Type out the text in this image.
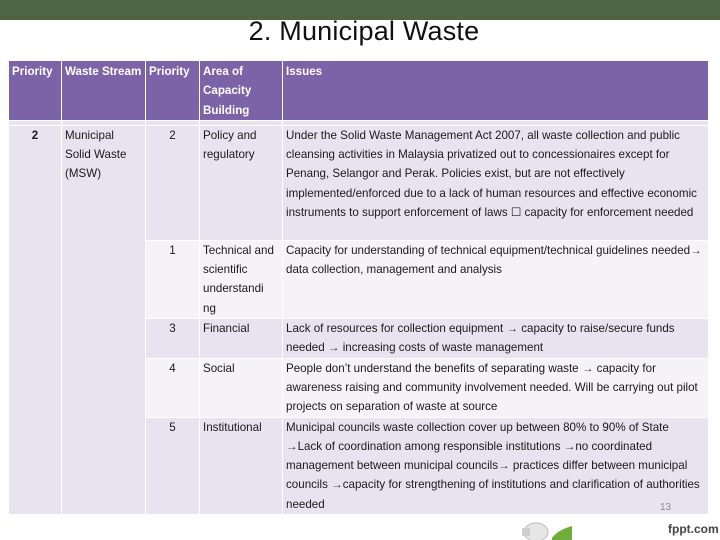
2. Municipal Waste
Priority	Waste Stream	Priority	Area of Capacity Building	Issues

2	Municipal Solid Waste (MSW)	2	Policy and regulatory	Under the Solid Waste Management Act 2007, all waste collection and public cleansing activities in Malaysia privatized out to concessionaires except for Penang, Selangor and Perak. Policies exist, but are not effectively implemented/enforced due to a lack of human resources and effective economic instruments to support enforcement of laws ☐ capacity for enforcement needed
		1	Technical and scientific understandi ng	Capacity for understanding of technical equipment/technical guidelines needed→ data collection, management and analysis
		3	Financial	Lack of resources for collection equipment → capacity to raise/secure funds needed → increasing costs of waste management
		4	Social	People don’t understand the benefits of separating waste → capacity for awareness raising and community involvement needed. Will be carrying out pilot projects on separation of waste at source
		5	Institutional	Municipal councils waste collection cover up between 80% to 90% of State →Lack of coordination among responsible institutions →no coordinated management between municipal councils→ practices differ between municipal councils →capacity for strengthening of institutions and clarification of authorities needed	13
fppt.com
